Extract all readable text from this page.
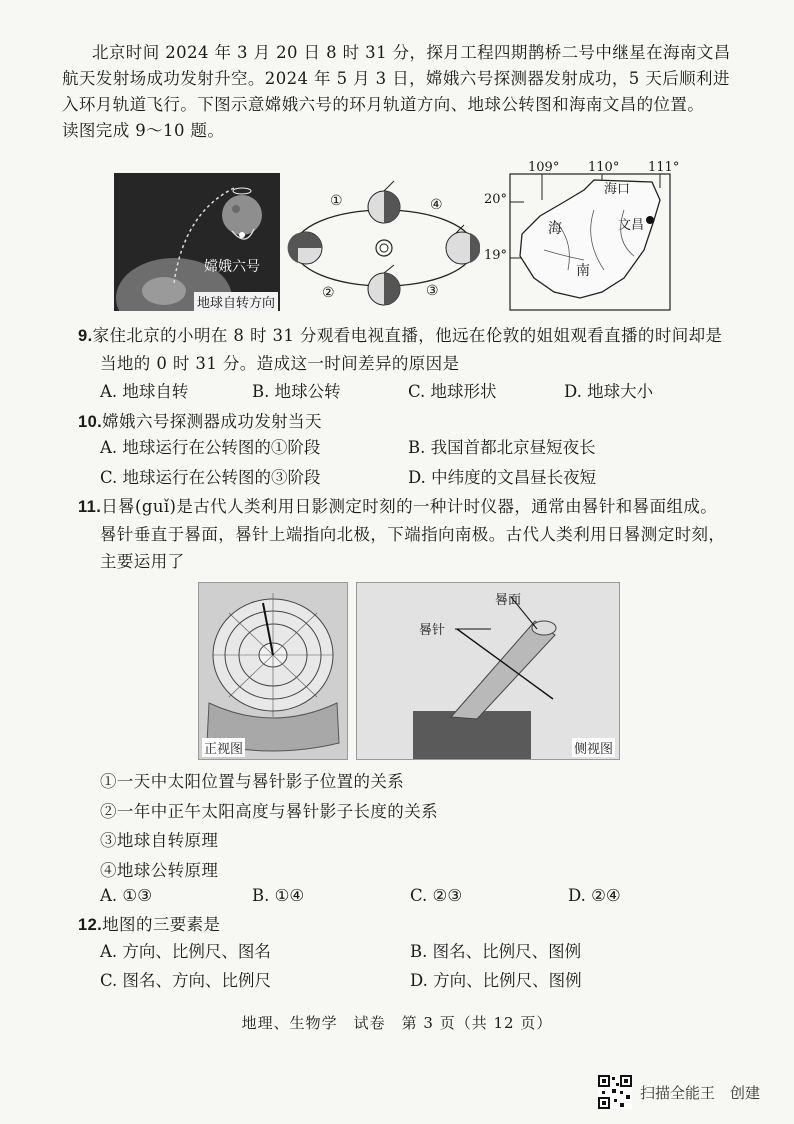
北京时间 2024 年 3 月 20 日 8 时 31 分，探月工程四期鹊桥二号中继星在海南文昌
航天发射场成功发射升空。2024 年 5 月 3 日，嫦娥六号探测器发射成功，5 天后顺利进
入环月轨道飞行。下图示意嫦娥六号的环月轨道方向、地球公转图和海南文昌的位置。
读图完成 9～10 题。
嫦娥六号
地球自转方向
①	④
②	③
109° 110° 111°
20°
19°
海口
文昌
海
南
9.家住北京的小明在 8 时 31 分观看电视直播，他远在伦敦的姐姐观看直播的时间却是
当地的 0 时 31 分。造成这一时间差异的原因是
A. 地球自转	B. 地球公转	C. 地球形状	D. 地球大小
10.嫦娥六号探测器成功发射当天
A. 地球运行在公转图的①阶段	B. 我国首都北京昼短夜长
C. 地球运行在公转图的③阶段	D. 中纬度的文昌昼长夜短
11.日晷(guǐ)是古代人类利用日影测定时刻的一种计时仪器，通常由晷针和晷面组成。
晷针垂直于晷面，晷针上端指向北极，下端指向南极。古代人类利用日晷测定时刻，
主要运用了
正视图
晷面
晷针
侧视图
①一天中太阳位置与晷针影子位置的关系
②一年中正午太阳高度与晷针影子长度的关系
③地球自转原理
④地球公转原理
A. ①③	B. ①④	C. ②③	D. ②④
12.地图的三要素是
A. 方向、比例尺、图名	B. 图名、比例尺、图例
C. 图名、方向、比例尺	D. 方向、比例尺、图例
地理、生物学　试卷　第 3 页（共 12 页）
扫描全能王　创建
